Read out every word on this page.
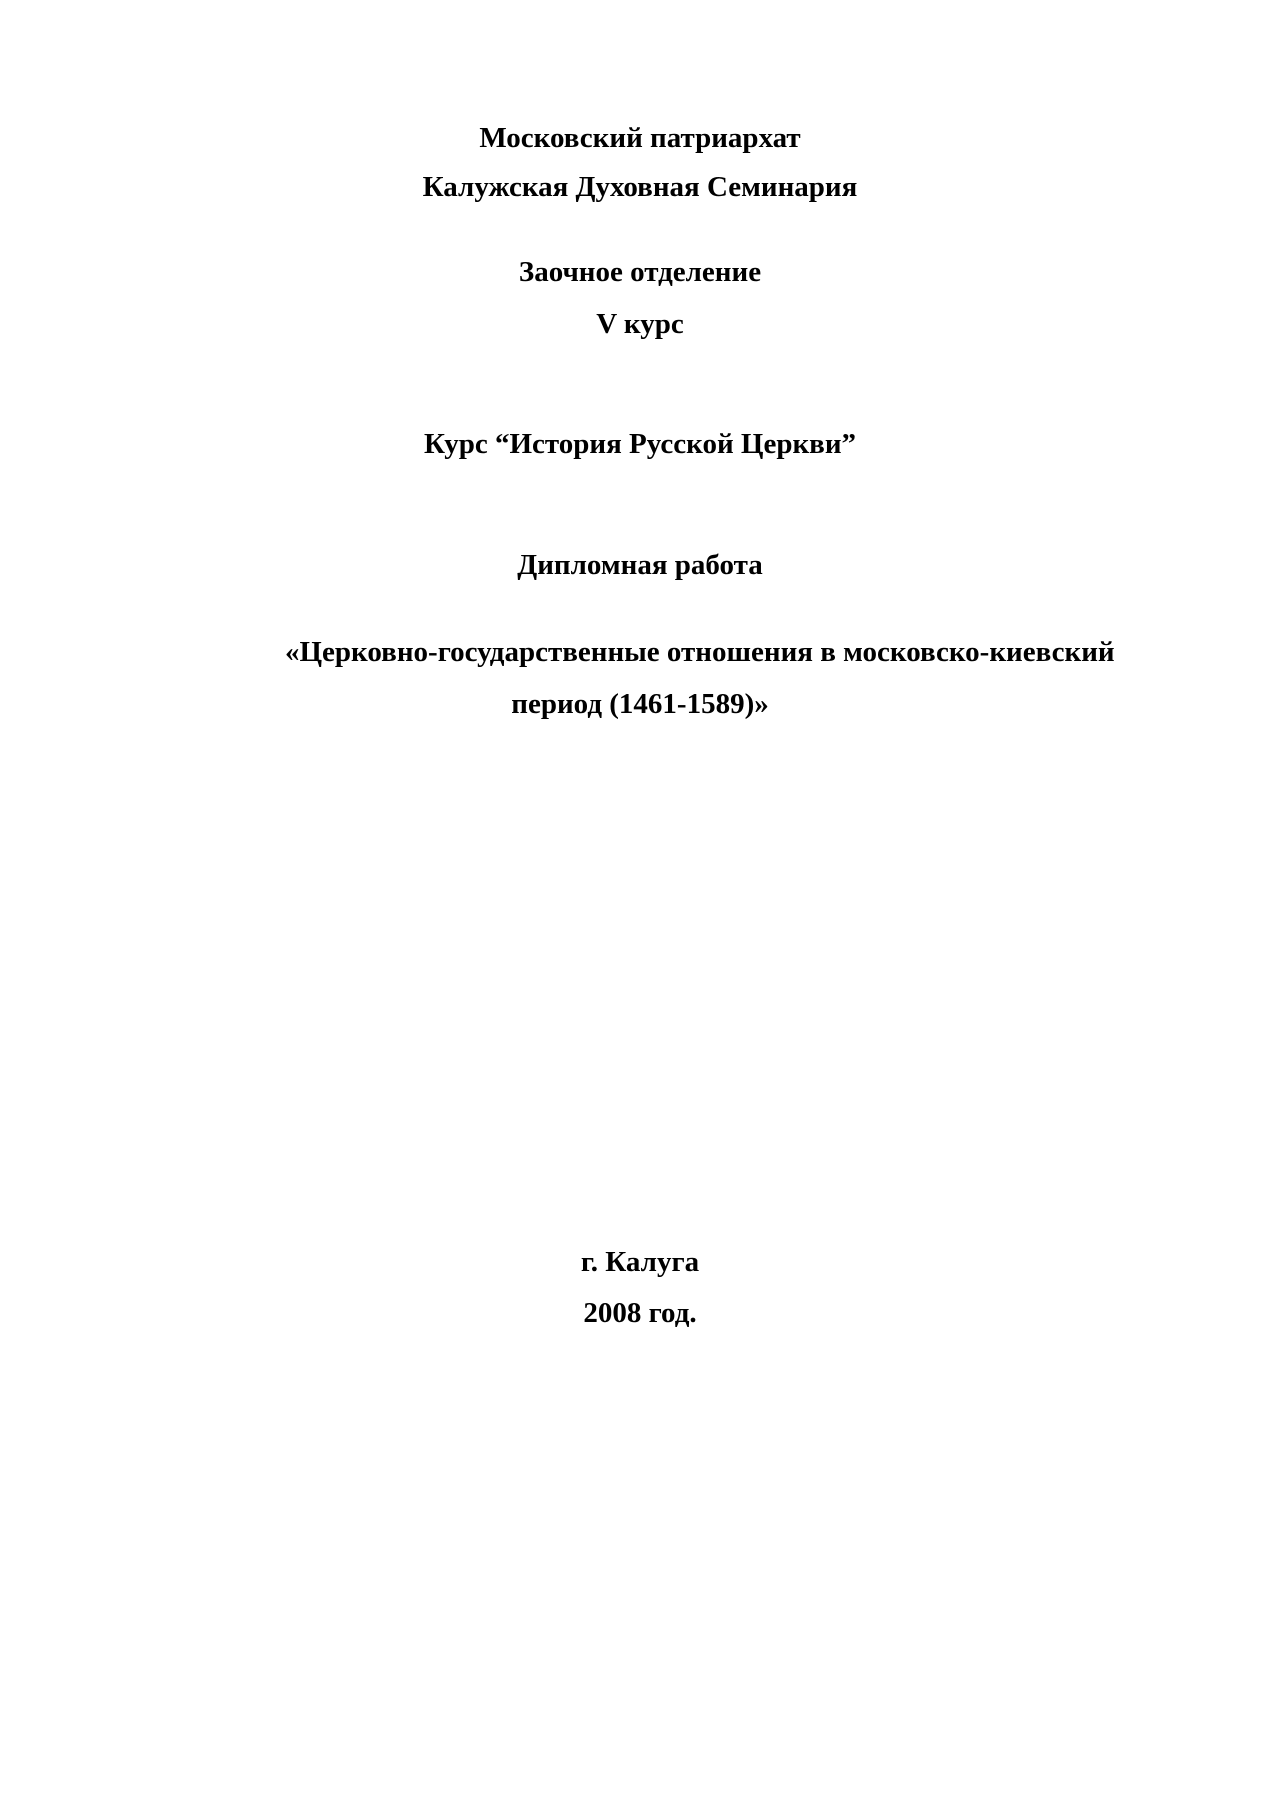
Московский патриархат
Калужская Духовная Семинария
Заочное отделение
V курс
Курс “История Русской Церкви”
Дипломная работа
«Церковно-государственные отношения в московско-киевский
период (1461-1589)»
г. Калуга
2008 год.
